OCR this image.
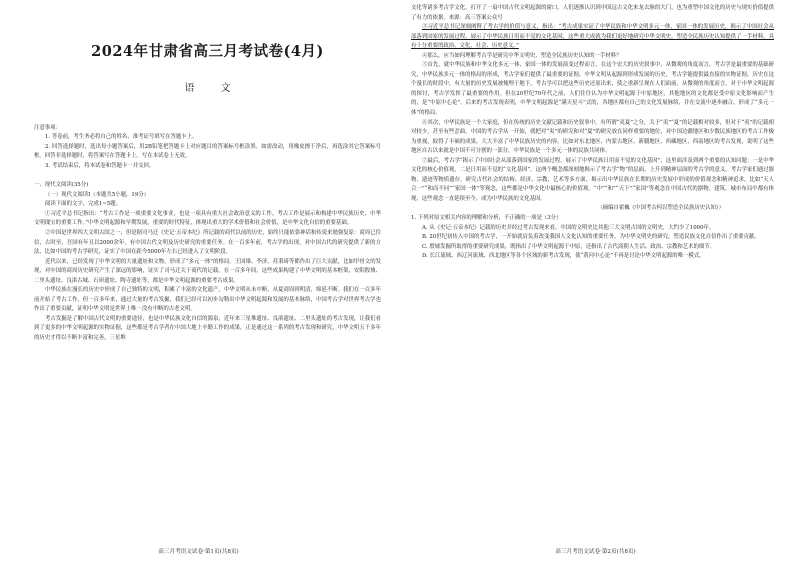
2024年甘肃省高三月考试卷(4月)
语文

注意事项：

1. 答卷前，考生务必将自己的姓名、准考证号填写在答题卡上。

2. 回答选择题时，选出每小题答案后，用2B铅笔把答题卡上对应题目的答案标号框涂黑。如需改动，用橡皮擦干净后，再选涂其它答案标号框。回答非选择题时，将答案写在答题卡上。写在本试卷上无效。

3. 考试结束后，将本试卷和答题卡一并交回。

一、现代文阅读(35分)

（一）现代文阅读Ⅰ（本题共5小题，19分）

阅读下面的文字，完成1~5题。

①习近平总书记指出：“考古工作是一项重要文化事业，也是一项具有重大社会政治意义的工作。考古工作是展示和构建中华民族历史、中华文明瑰宝的重要工作。”中华文明起源和早期发展，重要的时代特征，体现出重大的学术价值和社会价值，是中华文化自信的重要基础。

②中国是世界四大文明古国之一，但是据司马迁《史记·五帝本纪》所记载的商代以前的历史，始终只能依靠神话和传说来勉强复原：商周已往信，古时至，吾国有年且以2000余年，有中国古代文明及历史研究的重要任务。在一百多年前，考古学的出现，对中国古代的研究提供了新的方法，比如中国的考古学研究，证实了中国在距今5000年左右已经进入了文明阶段。

近代以来，已经发现了中华文明的大量遗址和文物，形成了“多元一体”的格局。王国维、李济、苏秉琦等都作出了巨大贡献，比如甲骨文的发现，对中国的商周历史研究产生了深远的影响，证实了司马迁关于商代的记载。在一百多年间，这些成果构建了中华文明的基本框架，安阳殷墟、二里头遗址、良渚古城、石峁遗址、陶寺遗址等，都是中华文明起源的重要考古成果。

中华民族在漫长的历史中形成了自己独特的文明，积累了丰富的文化遗产，中华文明从未中断，从夏商周到明清，绵延不断。我们在一百多年前开始了考古工作，但一百多年来，通过大量的考古发掘，我们已经可以初步勾勒出中华文明起源和发展的基本脉络，中国考古学对世界考古学也作出了重要贡献，证明中华文明是世界上唯一没有中断的古老文明。

考古发掘是了解中国古代文明的重要途径，也是中华民族文化自信的源泉，近年来三星堆遗址、良渚遗址、二里头遗址的考古发现，让我们看到了更多的中华文明起源的实物证据，这些都是考古学者在中国大地上辛勤工作的成果，正是通过这一系列的考古发现和研究，中华文明五千多年的历史才得以不断丰富和完善，三星堆

高三月考语文试卷·第1页(共8页)

文化等诸多考古学文化，打开了一扇中国古代文明起源的窗口，人们逐渐认识到中国远古文化来龙去脉的大门，也为重塑中国文化的历史与现实价值提供了有力的依据。来源：高三答案公众号

③习近平总书记深刻阐释了考古学的价值与意义，指出：“考古成果实证了中华民族和中华文明多元一体，家国一体的发展历史，揭示了中国社会从部落到国家的发展过程，展示了中华民族日用而不觉的文化基因，这些重大成就为我们更好地研究中华文明史，塑造全民族历史认知提供了一手材料，具有十分重要的政治、文化、社会、历史意义。”

④那么，应当如何理解考古学是研究中华文明史、塑造全民族历史认知的一手材料？

⑤首先，就中华民族和中华文化多元一体、家国一体的发展演变过程而言，在这个宏大的历史叙事中，从微观的角度而言，考古学是最重要的基础研究，中华民族多元一体的格局的形成，考古学家们提供了最重要的证据。中华文明从起源到形成发展的历史，考古学能提供最直接的实物证据。历史在这个漫长的时段中，有大量的历史发展被掩埋于地下，考古学可以把这些历史还原出来，使之重新呈现在人们面前。从微观的角度而言，对于中华文明起源的探讨，考古学发挥了最重要的作用。但在20世纪70年代之前，人们往往认为中华文明起源于中原地区，其他地区的文化都是受中原文化影响而产生的，是“中原中心论”。后来的考古发现表明，中华文明起源是“满天星斗”式的，各地区都有自己的文化发展脉络，并在交流中逐步融合，形成了“多元一体”的格局。

⑥其次，中华民族是一个大家庭，但在传统的历史文献记载和历史叙事中，有所谓“夷夏”之分，关于“夷”“夏”的记载相对较多，但对于“夷”的记载相对较少，甚至有些歪曲。中国的考古学从一开始，就把对“夷”的研究和对“夏”的研究放在同样重要的地位，对中国边疆地区和少数民族地区的考古工作极为重视，取得了丰硕的成果，大大丰富了中华民族历史的内容。比如对东北地区、内蒙古地区、新疆地区、西藏地区、西南地区的考古发现，说明了这些地区自古以来就是中国不可分割的一部分，中华民族是一个多元一体的民族共同体。

⑦最后，考古学“揭示了中国社会从部落到国家的发展过程，展示了中华民族日用而不觉的文化基因”，这里面涉及到两个重要的认知问题：一是中华文化的核心价值观，二是日用而不觉的“文化基因”。这两个概念都深刻地揭示了考古学“物”的层面，上升到精神层面的考古学的意义。考古学家们通过器物、遗迹等物质遗存，研究古代社会的结构、经济、宗教、艺术等多方面，揭示出中华民族在长期的历史发展中形成的价值观念和精神追求，比如“天人合一”“和而不同”“家国一体”等观念，这些都是中华文化中最核心的价值观。“中”“和”“天下”“家国”等观念在中国古代的器物、建筑、城市布局中都有体现，这些观念一直延续至今，成为中华民族的文化基因。

（摘编自霍巍《中国考古何以塑造全民族历史认知》）

1. 下列对原文相关内容的理解和分析，不正确的一项是（3分）

A. 从《史记·五帝本纪》记载的历史并经过考古发现来看，中国的文明史比其他三大文明古国的文明史，大约少了1000年。

B. 20世纪初传入中国的考古学，一开始就肩负着改变我国人文化认知的重要任务，为中华文明史的研究，塑造民族文化自信作出了重要贡献。

C. 殷墟发掘所取得的重要研究成果，既指出了中华文明起源于中原，还指出了古代商朝人生活、政治、宗教和艺术的细节。

D. 长江流域、西辽河流域、西北地区等各个区域的新考古发现，使“黄河中心论”不再是讨论中华文明起源的唯一模式。

高三月考语文试卷·第2页(共8页)
